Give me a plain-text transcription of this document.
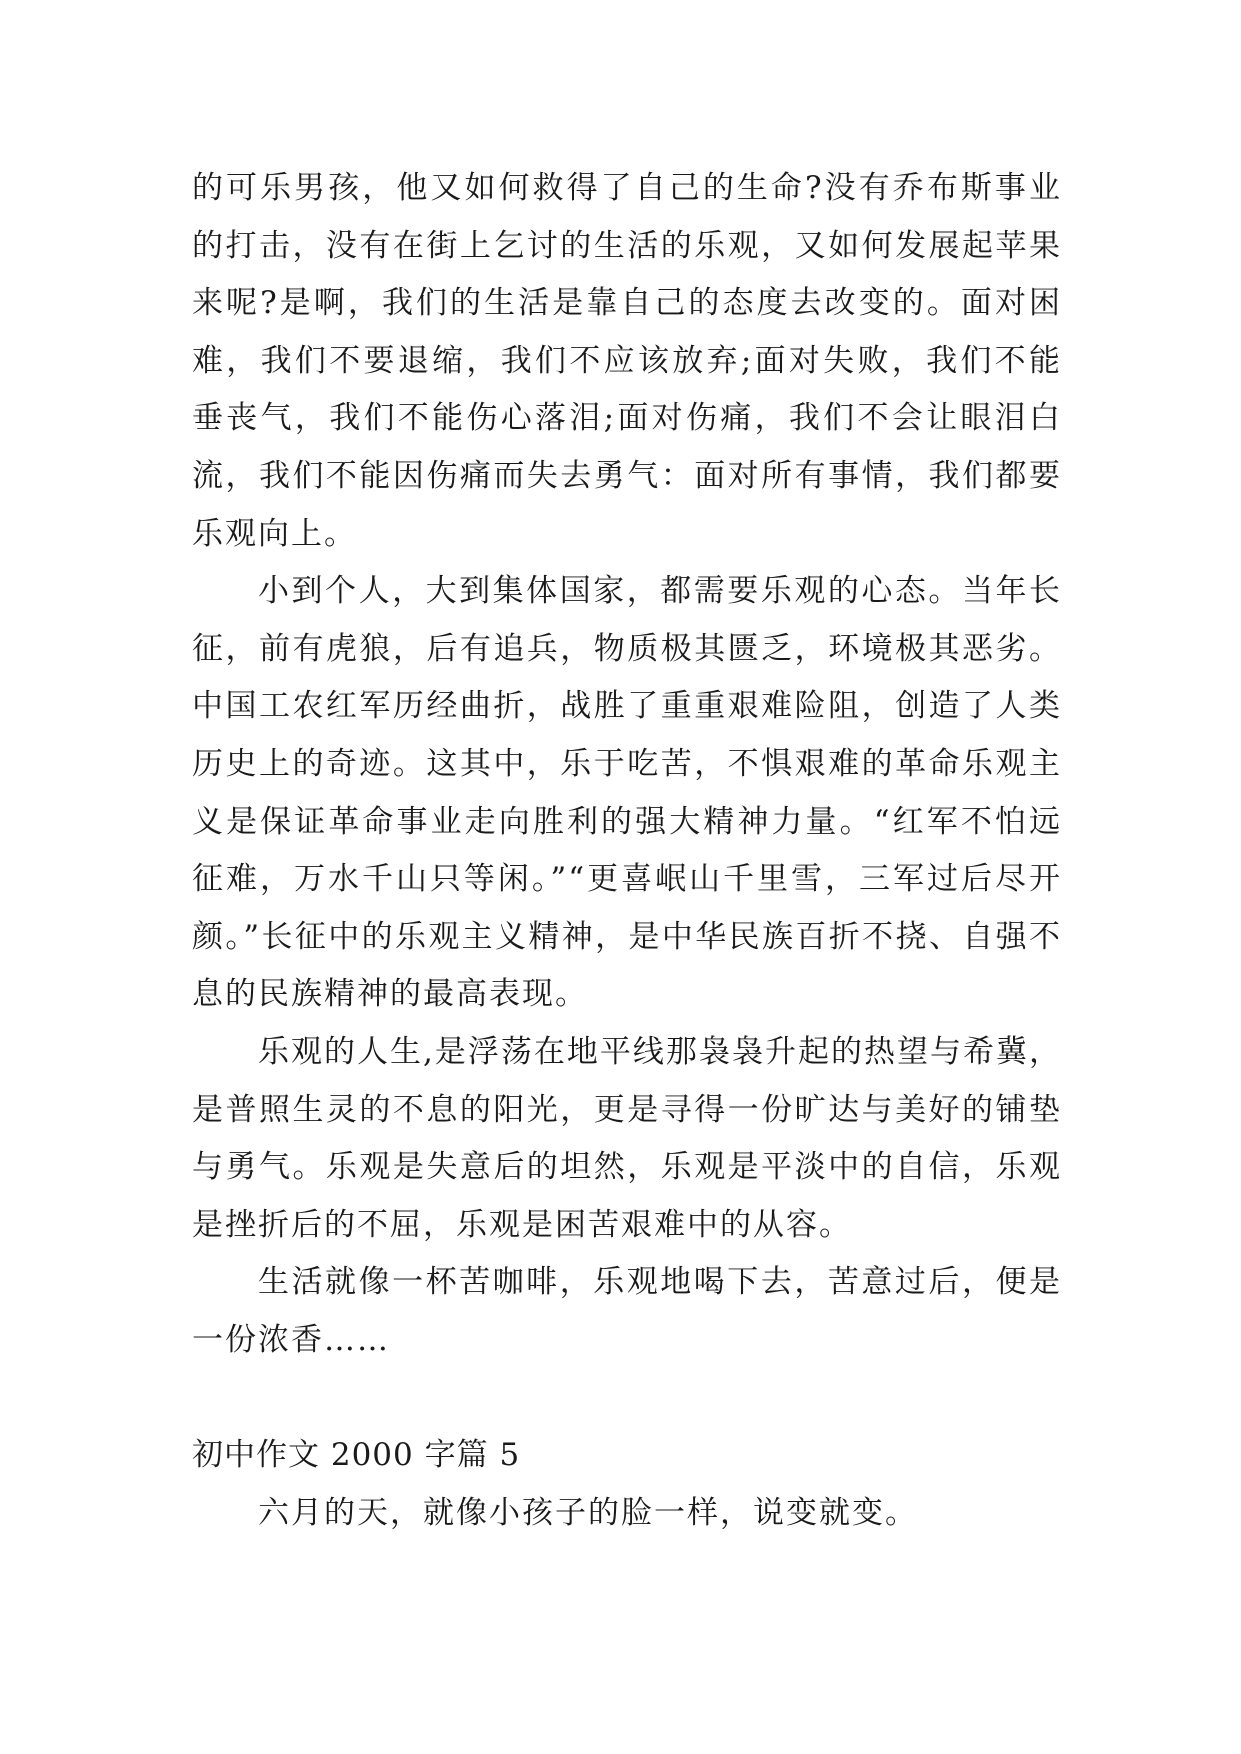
的可乐男孩，他又如何救得了自己的生命?没有乔布斯事业的打击，没有在街上乞讨的生活的乐观，又如何发展起苹果来呢?是啊，我们的生活是靠自己的态度去改变的。面对困难，我们不要退缩，我们不应该放弃;面对失败，我们不能垂丧气，我们不能伤心落泪;面对伤痛，我们不会让眼泪白流，我们不能因伤痛而失去勇气：面对所有事情，我们都要乐观向上。

小到个人，大到集体国家，都需要乐观的心态。当年长征，前有虎狼，后有追兵，物质极其匮乏，环境极其恶劣。中国工农红军历经曲折，战胜了重重艰难险阻，创造了人类历史上的奇迹。这其中，乐于吃苦，不惧艰难的革命乐观主义是保证革命事业走向胜利的强大精神力量。“红军不怕远征难，万水千山只等闲。”“更喜岷山千里雪，三军过后尽开颜。”长征中的乐观主义精神，是中华民族百折不挠、自强不息的民族精神的最高表现。

乐观的人生,是浮荡在地平线那袅袅升起的热望与希冀，是普照生灵的不息的阳光，更是寻得一份旷达与美好的铺垫与勇气。乐观是失意后的坦然，乐观是平淡中的自信，乐观是挫折后的不屈，乐观是困苦艰难中的从容。

生活就像一杯苦咖啡，乐观地喝下去，苦意过后，便是一份浓香……

初中作文 2000 字篇 5

六月的天，就像小孩子的脸一样，说变就变。
